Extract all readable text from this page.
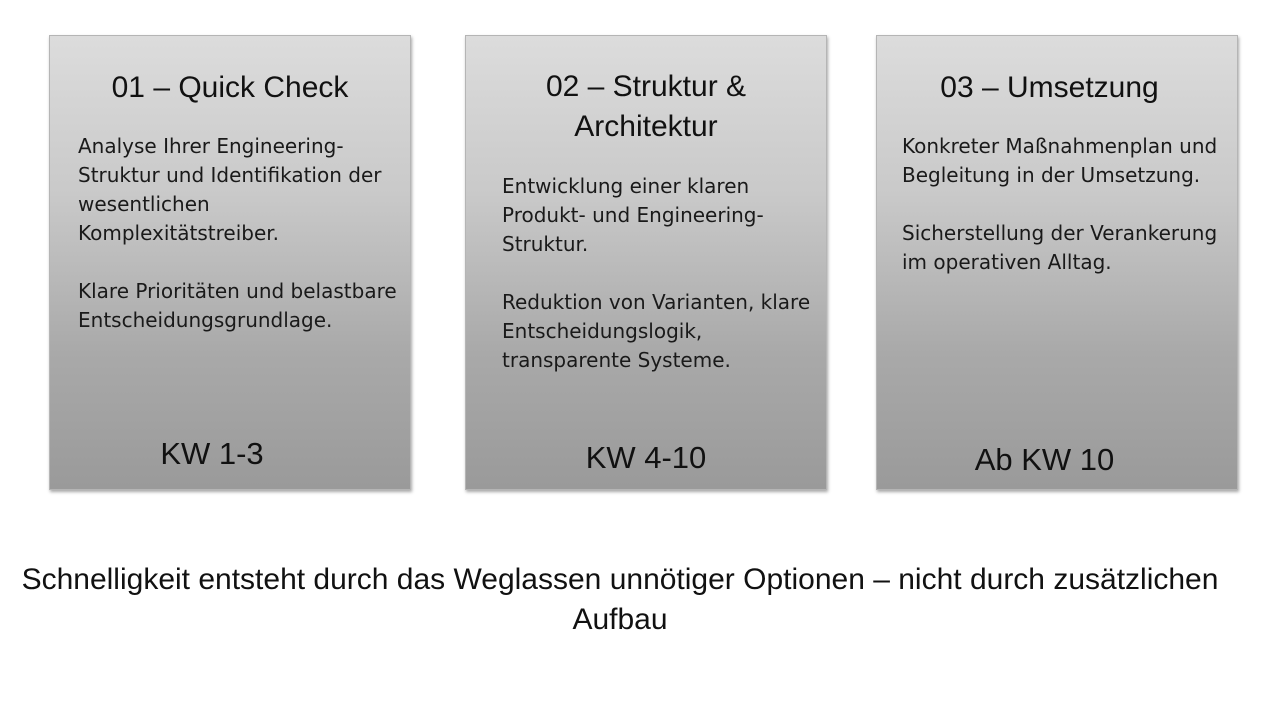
01 – Quick Check

Analyse Ihrer Engineering-Struktur und Identifikation der wesentlichen Komplexitätstreiber.

Klare Prioritäten und belastbare Entscheidungsgrundlage.

KW 1-3
02 – Struktur &
Architektur

Entwicklung einer klaren Produkt- und Engineering-Struktur.

Reduktion von Varianten, klare Entscheidungslogik, transparente Systeme.

KW 4-10
03 – Umsetzung

Konkreter Maßnahmenplan und Begleitung in der Umsetzung.

Sicherstellung der Verankerung im operativen Alltag.

Ab KW 10
Schnelligkeit entsteht durch das Weglassen unnötiger Optionen – nicht durch zusätzlichen Aufbau
